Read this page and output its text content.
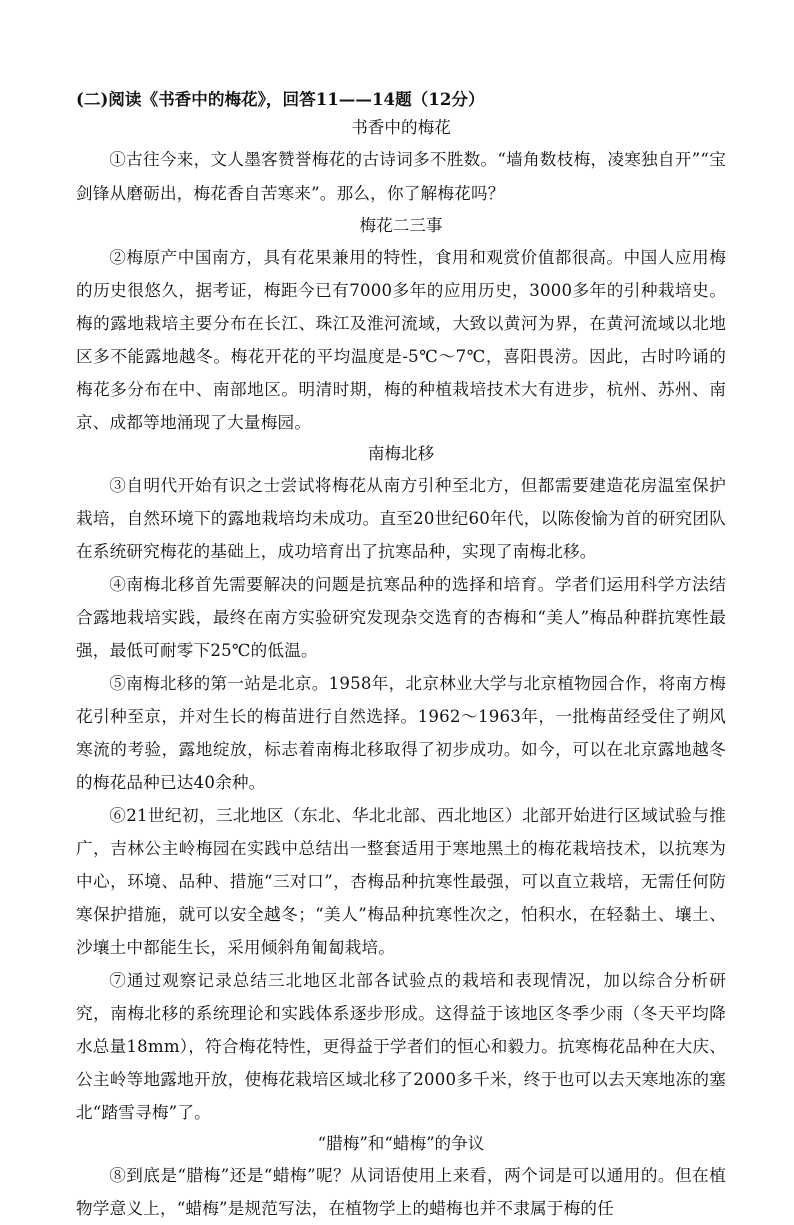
(二)阅读《书香中的梅花》，回答11——14题（12分）

书香中的梅花

①古往今来，文人墨客赞誉梅花的古诗词多不胜数。“墙角数枝梅，凌寒独自开”“宝剑锋从磨砺出，梅花香自苦寒来”。那么，你了解梅花吗？

梅花二三事

②梅原产中国南方，具有花果兼用的特性，食用和观赏价值都很高。中国人应用梅的历史很悠久，据考证，梅距今已有7000多年的应用历史，3000多年的引种栽培史。梅的露地栽培主要分布在长江、珠江及淮河流域，大致以黄河为界，在黄河流域以北地区多不能露地越冬。梅花开花的平均温度是-5℃～7℃，喜阳畏涝。因此，古时吟诵的梅花多分布在中、南部地区。明清时期，梅的种植栽培技术大有进步，杭州、苏州、南京、成都等地涌现了大量梅园。

南梅北移

③自明代开始有识之士尝试将梅花从南方引种至北方，但都需要建造花房温室保护栽培，自然环境下的露地栽培均未成功。直至20世纪60年代，以陈俊愉为首的研究团队在系统研究梅花的基础上，成功培育出了抗寒品种，实现了南梅北移。

④南梅北移首先需要解决的问题是抗寒品种的选择和培育。学者们运用科学方法结合露地栽培实践，最终在南方实验研究发现杂交选育的杏梅和“美人”梅品种群抗寒性最强，最低可耐零下25℃的低温。

⑤南梅北移的第一站是北京。1958年，北京林业大学与北京植物园合作，将南方梅花引种至京，并对生长的梅苗进行自然选择。1962～1963年，一批梅苗经受住了朔风寒流的考验，露地绽放，标志着南梅北移取得了初步成功。如今，可以在北京露地越冬的梅花品种已达40余种。

⑥21世纪初，三北地区（东北、华北北部、西北地区）北部开始进行区域试验与推广，吉林公主岭梅园在实践中总结出一整套适用于寒地黑土的梅花栽培技术，以抗寒为中心，环境、品种、措施“三对口”，杏梅品种抗寒性最强，可以直立栽培，无需任何防寒保护措施，就可以安全越冬；“美人”梅品种抗寒性次之，怕积水，在轻黏土、壤土、沙壤土中都能生长，采用倾斜角匍匐栽培。

⑦通过观察记录总结三北地区北部各试验点的栽培和表现情况，加以综合分析研究，南梅北移的系统理论和实践体系逐步形成。这得益于该地区冬季少雨（冬天平均降水总量18mm），符合梅花特性，更得益于学者们的恒心和毅力。抗寒梅花品种在大庆、公主岭等地露地开放，使梅花栽培区域北移了2000多千米，终于也可以去天寒地冻的塞北“踏雪寻梅”了。

“腊梅”和“蜡梅”的争议

⑧到底是“腊梅”还是“蜡梅”呢？从词语使用上来看，两个词是可以通用的。但在植物学意义上，“蜡梅”是规范写法，在植物学上的蜡梅也并不隶属于梅的任
